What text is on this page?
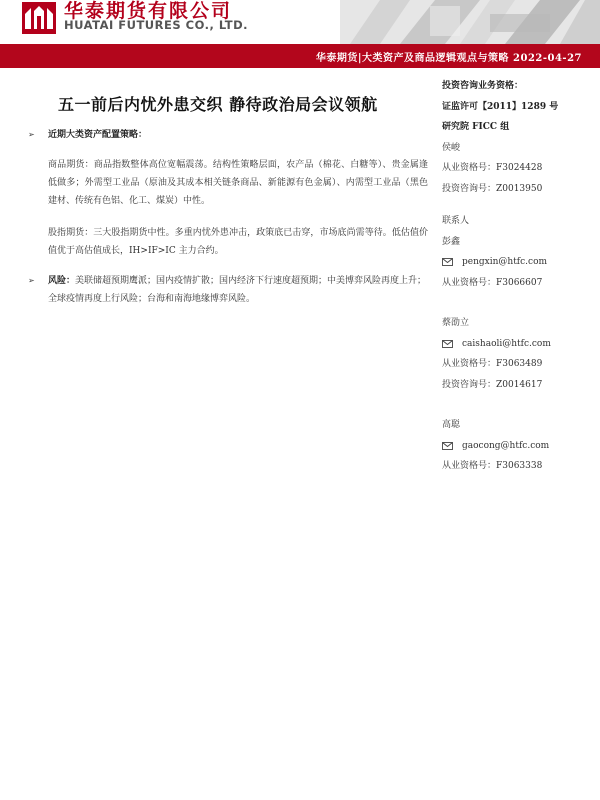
华泰期货有限公司
HUATAI FUTURES CO., LTD.
华泰期货|大类资产及商品逻辑观点与策略 2022-04-27
五一前后内忧外患交织 静待政治局会议领航
➢	近期大类资产配置策略：
商品期货：商品指数整体高位宽幅震荡。结构性策略层面，农产品（棉花、白糖等）、贵金属逢低做多；外需型工业品（原油及其成本相关链条商品、新能源有色金属）、内需型工业品（黑色建材、传统有色铝、化工、煤炭）中性。
股指期货：三大股指期货中性。多重内忧外患冲击，政策底已击穿，市场底尚需等待。低估值价值优于高估值成长，IH>IF>IC 主力合约。
➢	风险：美联储超预期鹰派；国内疫情扩散；国内经济下行速度超预期；中美博弈风险再度上升；全球疫情再度上行风险；台海和南海地缘博弈风险。
投资咨询业务资格：
证监许可【2011】1289 号
研究院 FICC 组
侯峻
从业资格号：F3024428
投资咨询号：Z0013950
联系人
彭鑫
pengxin@htfc.com
从业资格号：F3066607
蔡劭立
caishaoli@htfc.com
从业资格号：F3063489
投资咨询号：Z0014617
高聪
gaocong@htfc.com
从业资格号：F3063338
